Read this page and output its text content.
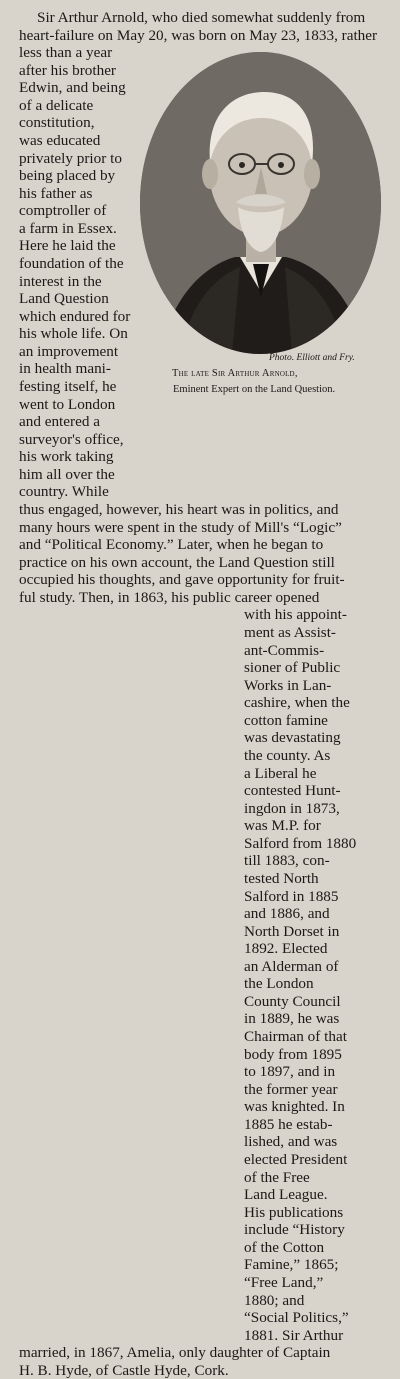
Sir Arthur Arnold, who died somewhat suddenly from
heart-failure on May 20, was born on May 23, 1833, rather
less than a year
after his brother
Edwin, and being
of a delicate
constitution,
was educated
privately prior to
being placed by
his father as
comptroller of
a farm in Essex.
Here he laid the
foundation of the
interest in the
Land Question
which endured for
his whole life. On
an improvement
in health mani-
festing itself, he
went to London
and entered a
surveyor's office,
his work taking
him all over the
country. While
thus engaged, however, his heart was in politics, and
many hours were spent in the study of Mill's “Logic”
and “Political Economy.” Later, when he began to
practice on his own account, the Land Question still
occupied his thoughts, and gave opportunity for fruit-
ful study. Then, in 1863, his public career opened
with his appoint-
ment as Assist-
ant-Commis-
sioner of Public
Works in Lan-
cashire, when the
cotton famine
was devastating
the county. As
a Liberal he
contested Hunt-
ingdon in 1873,
was M.P. for
Salford from 1880
till 1883, con-
tested North
Salford in 1885
and 1886, and
North Dorset in
1892. Elected
an Alderman of
the London
County Council
in 1889, he was
Chairman of that
body from 1895
to 1897, and in
the former year
was knighted. In
1885 he estab-
lished, and was
elected President
of the Free
Land League.
His publications
include “History
of the Cotton
Famine,” 1865;
“Free Land,”
1880; and
“Social Politics,”
1881. Sir Arthur
married, in 1867, Amelia, only daughter of Captain
H. B. Hyde, of Castle Hyde, Cork.
Photo. Elliott and Fry.
The late Sir Arthur Arnold,
Eminent Expert on the Land Question.
